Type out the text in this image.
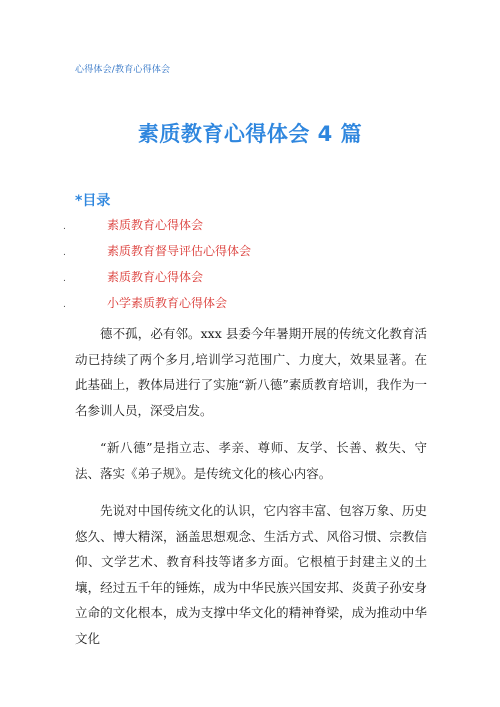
心得体会/教育心得体会
素质教育心得体会 4 篇
*目录
.	素质教育心得体会
.	素质教育督导评估心得体会
.	素质教育心得体会
.	小学素质教育心得体会

德不孤，必有邻。xxx 县委今年暑期开展的传统文化教育活动已持续了两个多月,培训学习范围广、力度大，效果显著。在此基础上，教体局进行了实施“新八德”素质教育培训，我作为一名参训人员，深受启发。

“新八德”是指立志、孝亲、尊师、友学、长善、救失、守法、落实《弟子规》。是传统文化的核心内容。

先说对中国传统文化的认识，它内容丰富、包容万象、历史悠久、博大精深，涵盖思想观念、生活方式、风俗习惯、宗教信仰、文学艺术、教育科技等诸多方面。它根植于封建主义的土壤，经过五千年的锤炼，成为中华民族兴国安邦、炎黄子孙安身立命的文化根本，成为支撑中华文化的精神脊梁，成为推动中华文化
